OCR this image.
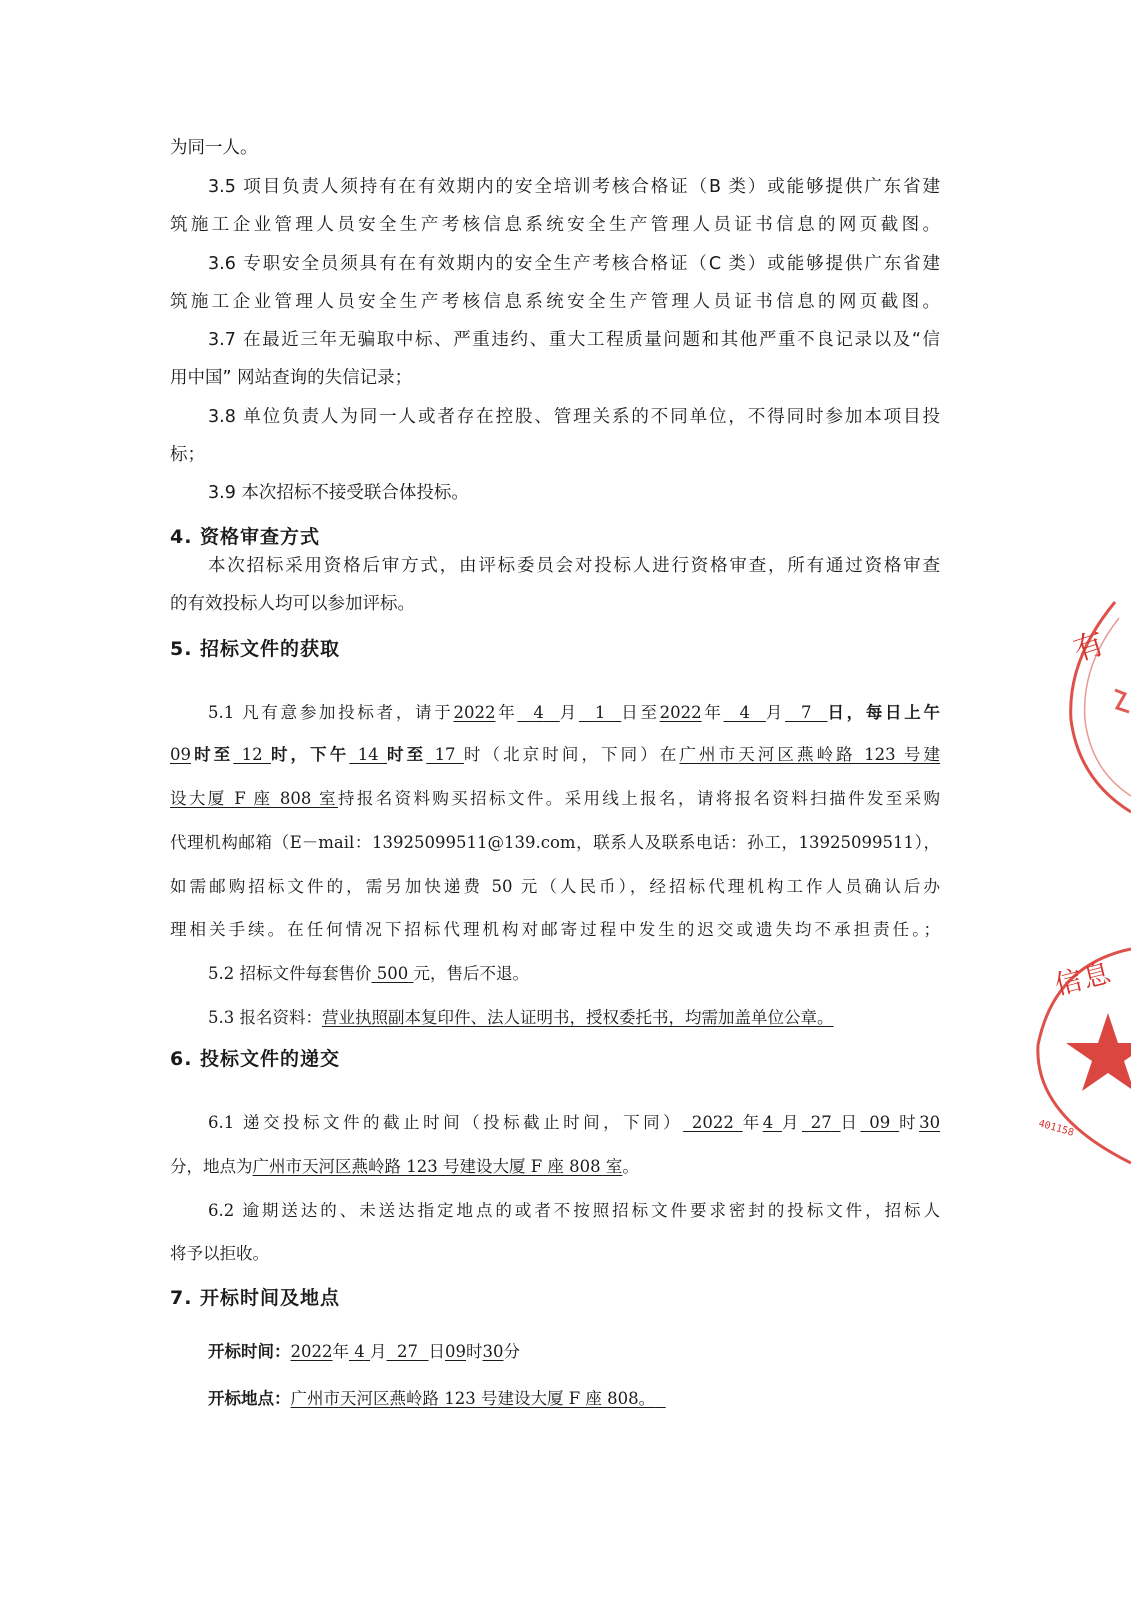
为同一人。

3.5 项目负责人须持有在有效期内的安全培训考核合格证（B 类）或能够提供广东省建

筑施工企业管理人员安全生产考核信息系统安全生产管理人员证书信息的网页截图。

3.6 专职安全员须具有在有效期内的安全生产考核合格证（C 类）或能够提供广东省建

筑施工企业管理人员安全生产考核信息系统安全生产管理人员证书信息的网页截图。

3.7 在最近三年无骗取中标、严重违约、重大工程质量问题和其他严重不良记录以及“信

用中国” 网站查询的失信记录；

3.8 单位负责人为同一人或者存在控股、管理关系的不同单位，不得同时参加本项目投

标；

3.9 本次招标不接受联合体投标。

4. 资格审查方式

本次招标采用资格后审方式，由评标委员会对投标人进行资格审查，所有通过资格审查

的有效投标人均可以参加评标。

5. 招标文件的获取

5.1 凡有意参加投标者，请于2022年 4 月 1 日至2022年 4 月 7 日，每日上午

09时至 12 时，下午 14 时至 17 时（北京时间，下同）在广州市天河区燕岭路 123 号建

设大厦 F 座 808 室持报名资料购买招标文件。采用线上报名，请将报名资料扫描件发至采购

代理机构邮箱（E－mail：13925099511@139.com，联系人及联系电话：孙工，13925099511），

如需邮购招标文件的，需另加快递费 50 元（人民币），经招标代理机构工作人员确认后办

理相关手续。在任何情况下招标代理机构对邮寄过程中发生的迟交或遗失均不承担责任。；

5.2 招标文件每套售价 500 元，售后不退。

5.3 报名资料：营业执照副本复印件、法人证明书，授权委托书，均需加盖单位公章。

6. 投标文件的递交

6.1 递交投标文件的截止时间（投标截止时间，下同） 2022 年4 月 27 日 09 时30

分，地点为广州市天河区燕岭路 123 号建设大厦 F 座 808 室。

6.2 逾期送达的、未送达指定地点的或者不按照招标文件要求密封的投标文件，招标人

将予以拒收。

7. 开标时间及地点

开标时间：2022年 4 月 27 日09时30分

开标地点：广州市天河区燕岭路 123 号建设大厦 F 座 808。

有
信息
401158
